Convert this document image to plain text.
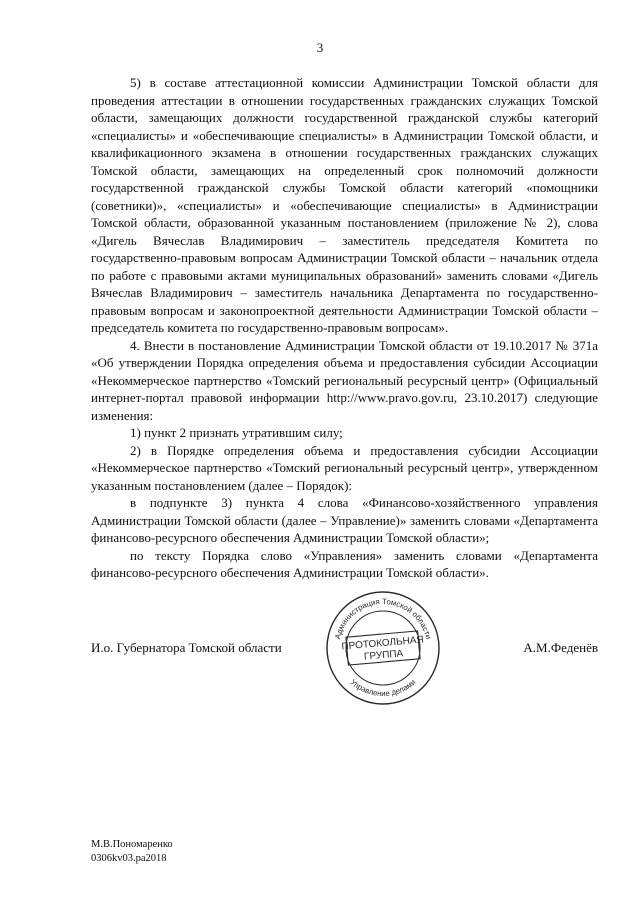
3

5) в составе аттестационной комиссии Администрации Томской области для проведения аттестации в отношении государственных гражданских служащих Томской области, замещающих должности государственной гражданской службы категорий «специалисты» и «обеспечивающие специалисты» в Администрации Томской области, и квалификационного экзамена в отношении государственных гражданских служащих Томской области, замещающих на определенный срок полномочий должности государственной гражданской службы Томской области категорий «помощники (советники)», «специалисты» и «обеспечивающие специалисты» в Администрации Томской области, образованной указанным постановлением (приложение № 2), слова «Дигель Вячеслав Владимирович – заместитель председателя Комитета по государственно-правовым вопросам Администрации Томской области – начальник отдела по работе с правовыми актами муниципальных образований» заменить словами «Дигель Вячеслав Владимирович – заместитель начальника Департамента по государственно-правовым вопросам и законопроектной деятельности Администрации Томской области – председатель комитета по государственно-правовым вопросам».

4. Внести в постановление Администрации Томской области от 19.10.2017 № 371а «Об утверждении Порядка определения объема и предоставления субсидии Ассоциации «Некоммерческое партнерство «Томский региональный ресурсный центр» (Официальный интернет-портал правовой информации http://www.pravo.gov.ru, 23.10.2017) следующие изменения:

1) пункт 2 признать утратившим силу;

2) в Порядке определения объема и предоставления субсидии Ассоциации «Некоммерческое партнерство «Томский региональный ресурсный центр», утвержденном указанным постановлением (далее – Порядок):

в подпункте 3) пункта 4 слова «Финансово-хозяйственного управления Администрации Томской области (далее – Управление)» заменить словами «Департамента финансово-ресурсного обеспечения Администрации Томской области»;

по тексту Порядка слово «Управления» заменить словами «Департамента финансово-ресурсного обеспечения Администрации Томской области».

И.о. Губернатора Томской области	А.М.Феденёв
Администрация Томской области
Управление делами
ПРОТОКОЛЬНАЯ
ГРУППА
М.В.Пономаренко
0306kv03.pa2018
